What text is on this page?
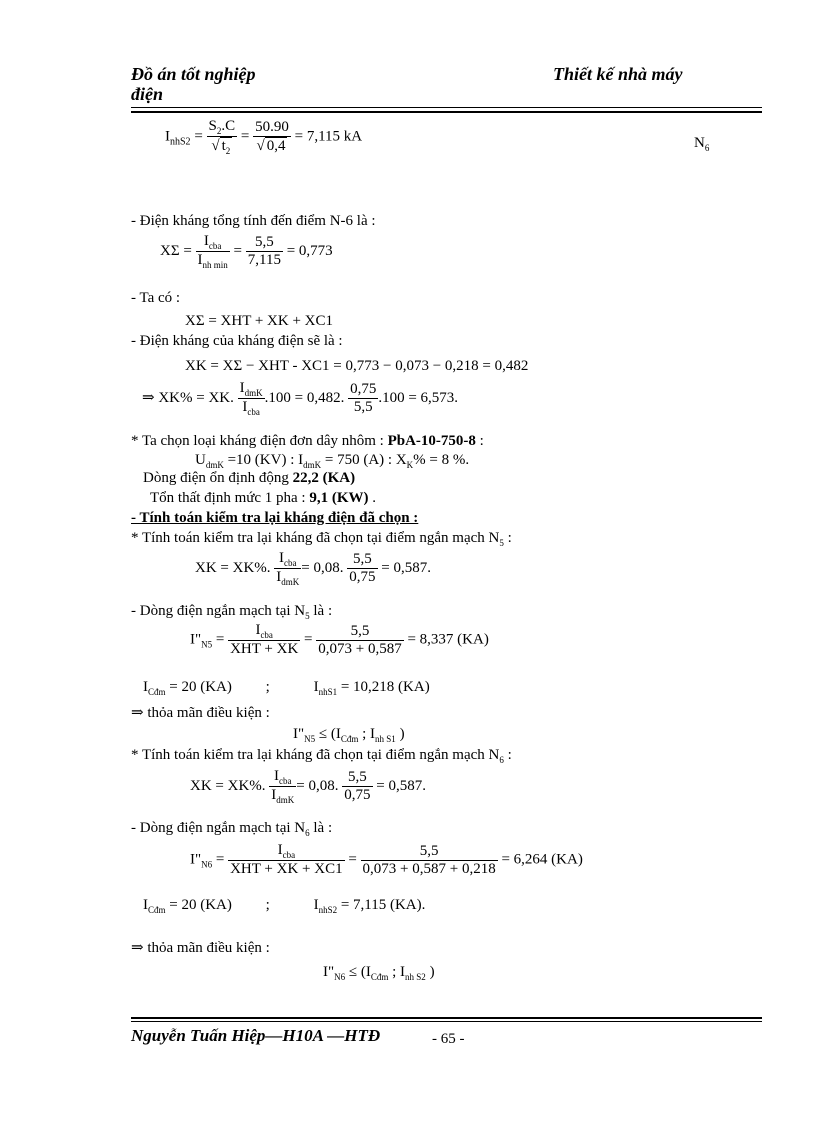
Đồ án tốt nghiệp
điện
Thiết kế nhà máy
$I_{nhS2} = \frac{S_2.C}{√ t_2} = \frac{50.90}{√ 0,4} = 7,115$ kA	$N_6$
- Điện kháng tổng tính đến điểm N-6 là :
$X\Sigma = \frac{I_{cba}}{I_{nh min}} = \frac{5,5}{7,115} = 0,773$
- Ta có :
XΣ = XHT + XK + XC1
- Điện kháng của kháng điện sẽ là :
XK = XΣ − XHT - XC1 = 0,773 − 0,073 − 0,218 = 0,482
⇒ XK% = XK. $\frac{I_{dmK}}{I_{cba}} .100 = 0,482$. $\frac{0,75}{5,5} .100 = 6,573$.
* Ta chọn loại kháng điện đơn dây nhôm : PbA-10-750-8 :
$U_{dmK} =10$ (KV) : $I_{dmK} = 750$ (A) : $X_K\% = 8$ %.
Dòng điện ổn định động 22,2 (KA)
Tổn thất định mức 1 pha : 9,1 (KW) .
- Tính toán kiểm tra lại kháng điện đã chọn :
* Tính toán kiểm tra lại kháng đã chọn tại điểm ngắn mạch $N_5$ :
XK = XK%. $\frac{I_{cba}}{I_{dmK}} = 0,08$. $\frac{5,5}{0,75} = 0,587$.
- Dòng điện ngắn mạch tại $N_5$ là :
$I"_{N5} = \frac{I_{cba}}{\text{XHT + XK}} = \frac{5,5}{0,073 + 0,587} = 8,337$ (KA)
$I_{Cđm} = 20$ (KA) ;	$I_{nhS1} = 10,218$ (KA)
⇒ thỏa mãn điều kiện :
$I"_{N5} \le (I_{Cđm}$ ; $I_{nh S1}$ )
* Tính toán kiểm tra lại kháng đã chọn tại điểm ngắn mạch $N_6$ :
XK = XK%. $\frac{I_{cba}}{I_{dmK}} = 0,08$. $\frac{5,5}{0,75} = 0,587$.
- Dòng điện ngắn mạch tại $N_6$ là :
$I"_{N6} = \frac{I_{cba}}{\text{XHT + XK + XC1}} = \frac{5,5}{0,073 + 0,587 + 0,218} = 6,264$ (KA)
$I_{Cđm} = 20$ (KA) ;	$I_{nhS2} = 7,115$ (KA).
⇒ thỏa mãn điều kiện :
$I"_{N6} \le (I_{Cđm}$ ; $I_{nh S2}$ )
Nguyễn Tuấn Hiệp—H10A —HTĐ	- 65 -
